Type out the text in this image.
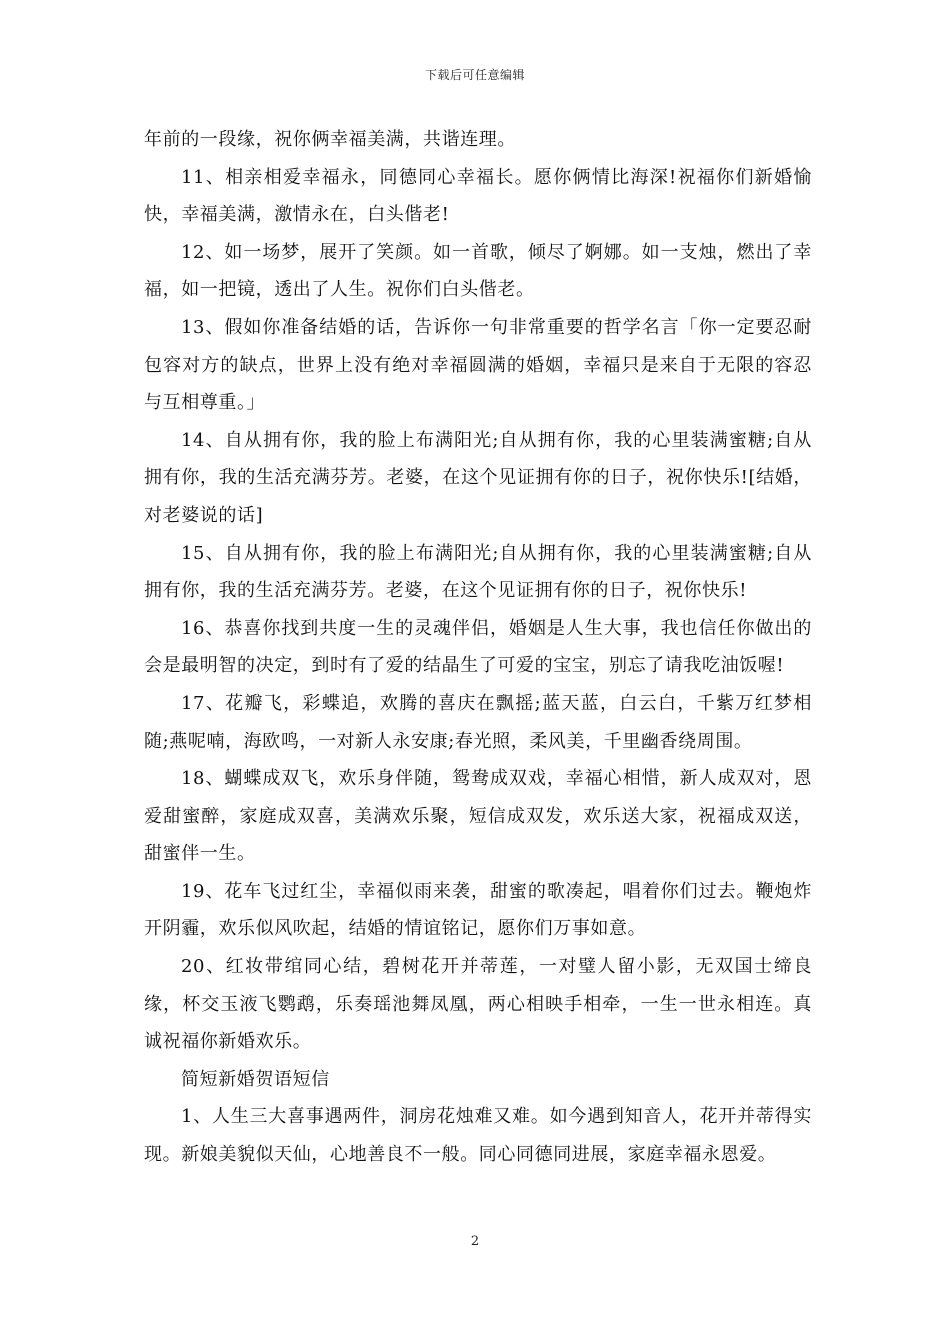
下载后可任意编辑

年前的一段缘，祝你俩幸福美满，共谐连理。

11、相亲相爱幸福永，同德同心幸福长。愿你俩情比海深!祝福你们新婚愉快，幸福美满，激情永在，白头偕老!

12、如一场梦，展开了笑颜。如一首歌，倾尽了婀娜。如一支烛，燃出了幸福，如一把镜，透出了人生。祝你们白头偕老。

13、假如你准备结婚的话，告诉你一句非常重要的哲学名言「你一定要忍耐包容对方的缺点，世界上没有绝对幸福圆满的婚姻，幸福只是来自于无限的容忍与互相尊重。」

14、自从拥有你，我的脸上布满阳光;自从拥有你，我的心里装满蜜糖;自从拥有你，我的生活充满芬芳。老婆，在这个见证拥有你的日子，祝你快乐![结婚，对老婆说的话]

15、自从拥有你，我的脸上布满阳光;自从拥有你，我的心里装满蜜糖;自从拥有你，我的生活充满芬芳。老婆，在这个见证拥有你的日子，祝你快乐!

16、恭喜你找到共度一生的灵魂伴侣，婚姻是人生大事，我也信任你做出的会是最明智的决定，到时有了爱的结晶生了可爱的宝宝，别忘了请我吃油饭喔!

17、花瓣飞，彩蝶追，欢腾的喜庆在飘摇;蓝天蓝，白云白，千紫万红梦相随;燕呢喃，海欧鸣，一对新人永安康;春光照，柔风美，千里幽香绕周围。

18、蝴蝶成双飞，欢乐身伴随，鸳鸯成双戏，幸福心相惜，新人成双对，恩爱甜蜜醉，家庭成双喜，美满欢乐聚，短信成双发，欢乐送大家，祝福成双送，甜蜜伴一生。

19、花车飞过红尘，幸福似雨来袭，甜蜜的歌凑起，唱着你们过去。鞭炮炸开阴霾，欢乐似风吹起，结婚的情谊铭记，愿你们万事如意。

20、红妆带绾同心结，碧树花开并蒂莲，一对璧人留小影，无双国士缔良缘，杯交玉液飞鹦鹉，乐奏瑶池舞凤凰，两心相映手相牵，一生一世永相连。真诚祝福你新婚欢乐。

简短新婚贺语短信

1、人生三大喜事遇两件，洞房花烛难又难。如今遇到知音人，花开并蒂得实现。新娘美貌似天仙，心地善良不一般。同心同德同进展，家庭幸福永恩爱。

2
